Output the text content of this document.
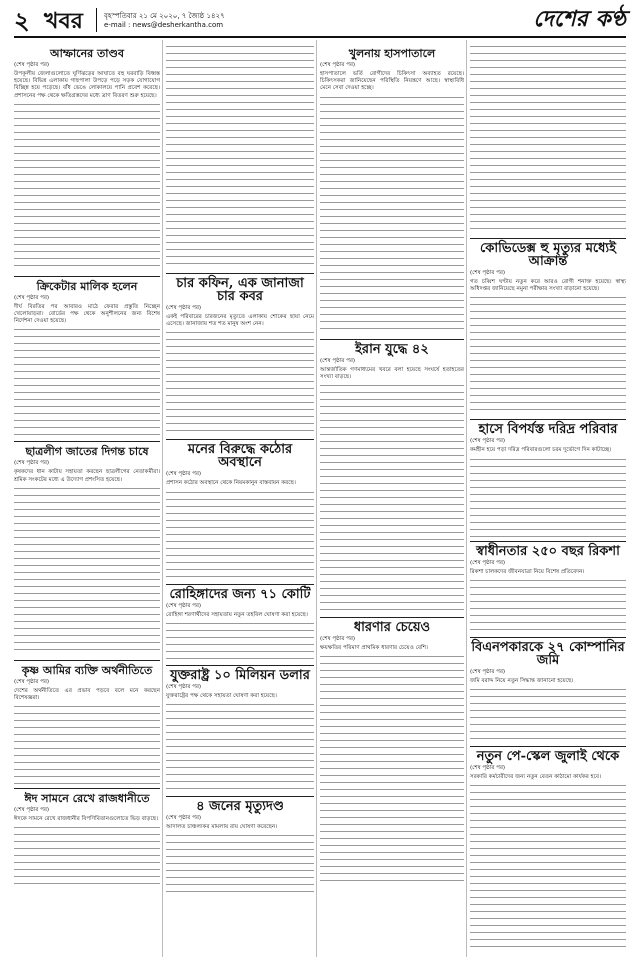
২ খবর	বৃহস্পতিবার ২১ মে ২০২০, ৭ জ্যৈষ্ঠ ১৪২৭
e-mail : news@desherkantha.com	দেশের কণ্ঠ
আম্ফানের তাণ্ডব
(শেষ পৃষ্ঠার পর)
উপকূলীয় জেলাগুলোতে ঘূর্ণিঝড়ের আঘাতে বহু ঘরবাড়ি বিধ্বস্ত হয়েছে। বিভিন্ন এলাকায় গাছপালা উপড়ে পড়ে সড়ক যোগাযোগ বিচ্ছিন্ন হয়ে পড়েছে। বাঁধ ভেঙে লোকালয়ে পানি প্রবেশ করেছে। প্রশাসনের পক্ষ থেকে ক্ষতিগ্রস্তদের মধ্যে ত্রাণ বিতরণ শুরু হয়েছে।
ক্রিকেটার মালিক হলেন
(শেষ পৃষ্ঠার পর)
দীর্ঘ বিরতির পর আবারও মাঠে ফেরার প্রস্তুতি নিচ্ছেন খেলোয়াড়রা। বোর্ডের পক্ষ থেকে অনুশীলনের জন্য বিশেষ নির্দেশনা দেওয়া হয়েছে।
ছাত্রলীগ জাতের দিগন্ত চাষে
(শেষ পৃষ্ঠার পর)
কৃষকদের ধান কাটায় সহায়তা করছেন ছাত্রলীগের নেতাকর্মীরা। শ্রমিক সংকটের মধ্যে এ উদ্যোগ প্রশংসিত হয়েছে।
কৃষ্ণ আমির ব্যক্তি অর্থনীতিতে
(শেষ পৃষ্ঠার পর)
দেশের অর্থনীতিতে এর প্রভাব পড়বে বলে মনে করছেন বিশেষজ্ঞরা।
ঈদ সামনে রেখে রাজধানীতে
(শেষ পৃষ্ঠার পর)
ঈদকে সামনে রেখে রাজধানীর বিপণিবিতানগুলোতে ভিড় বাড়ছে।
চার কফিন, এক জানাজা চার কবর
(শেষ পৃষ্ঠার পর)
একই পরিবারের চারজনের মৃত্যুতে এলাকায় শোকের ছায়া নেমে এসেছে। জানাজায় শত শত মানুষ অংশ নেন।
মনের বিরুদ্ধে কঠোর অবস্থানে
(শেষ পৃষ্ঠার পর)
প্রশাসন কঠোর অবস্থানে থেকে নিয়মকানুন বাস্তবায়ন করছে।
রোহিঙ্গাদের জন্য ৭১ কোটি
(শেষ পৃষ্ঠার পর)
রোহিঙ্গা শরণার্থীদের সহায়তায় নতুন তহবিল ঘোষণা করা হয়েছে।
যুক্তরাষ্ট্র ১০ মিলিয়ন ডলার
(শেষ পৃষ্ঠার পর)
যুক্তরাষ্ট্রের পক্ষ থেকে সহায়তা ঘোষণা করা হয়েছে।
৪ জনের মৃত্যুদণ্ড
(শেষ পৃষ্ঠার পর)
আদালত চাঞ্চল্যকর মামলায় রায় ঘোষণা করেছেন।
খুলনায় হাসপাতালে
(শেষ পৃষ্ঠার পর)
হাসপাতালে ভর্তি রোগীদের চিকিৎসা অব্যাহত রয়েছে। চিকিৎসকরা জানিয়েছেন পরিস্থিতি নিয়ন্ত্রণে আছে। স্বাস্থ্যবিধি মেনে সেবা দেওয়া হচ্ছে।
ইরান যুদ্ধে ৪২
(শেষ পৃষ্ঠার পর)
আন্তর্জাতিক গণমাধ্যমের খবরে বলা হয়েছে সংঘর্ষে হতাহতের সংখ্যা বাড়ছে।
ধারণার চেয়েও
(শেষ পৃষ্ঠার পর)
ক্ষয়ক্ষতির পরিমাণ প্রাথমিক ধারণার চেয়েও বেশি।
কোভিডেক্স হু মৃত্যুর মধ্যেই আক্রান্ত
(শেষ পৃষ্ঠার পর)
গত চব্বিশ ঘণ্টায় নতুন করে আরও রোগী শনাক্ত হয়েছে। স্বাস্থ্য অধিদপ্তর জানিয়েছে নমুনা পরীক্ষার সংখ্যা বাড়ানো হয়েছে।
হাসে বিপর্যস্ত দরিদ্র পরিবার
(শেষ পৃষ্ঠার পর)
কর্মহীন হয়ে পড়া দরিদ্র পরিবারগুলো চরম দুর্ভোগে দিন কাটাচ্ছে।
স্বাধীনতার ২৫০ বছর রিকশা
(শেষ পৃষ্ঠার পর)
রিকশা চালকদের জীবনযাত্রা নিয়ে বিশেষ প্রতিবেদন।
বিএনপকারকে ২৭ কোম্পানির জমি
(শেষ পৃষ্ঠার পর)
জমি বরাদ্দ নিয়ে নতুন সিদ্ধান্ত জানানো হয়েছে।
নতুন পে-স্কেল জুলাই থেকে
(শেষ পৃষ্ঠার পর)
সরকারি কর্মচারীদের জন্য নতুন বেতন কাঠামো কার্যকর হবে।
